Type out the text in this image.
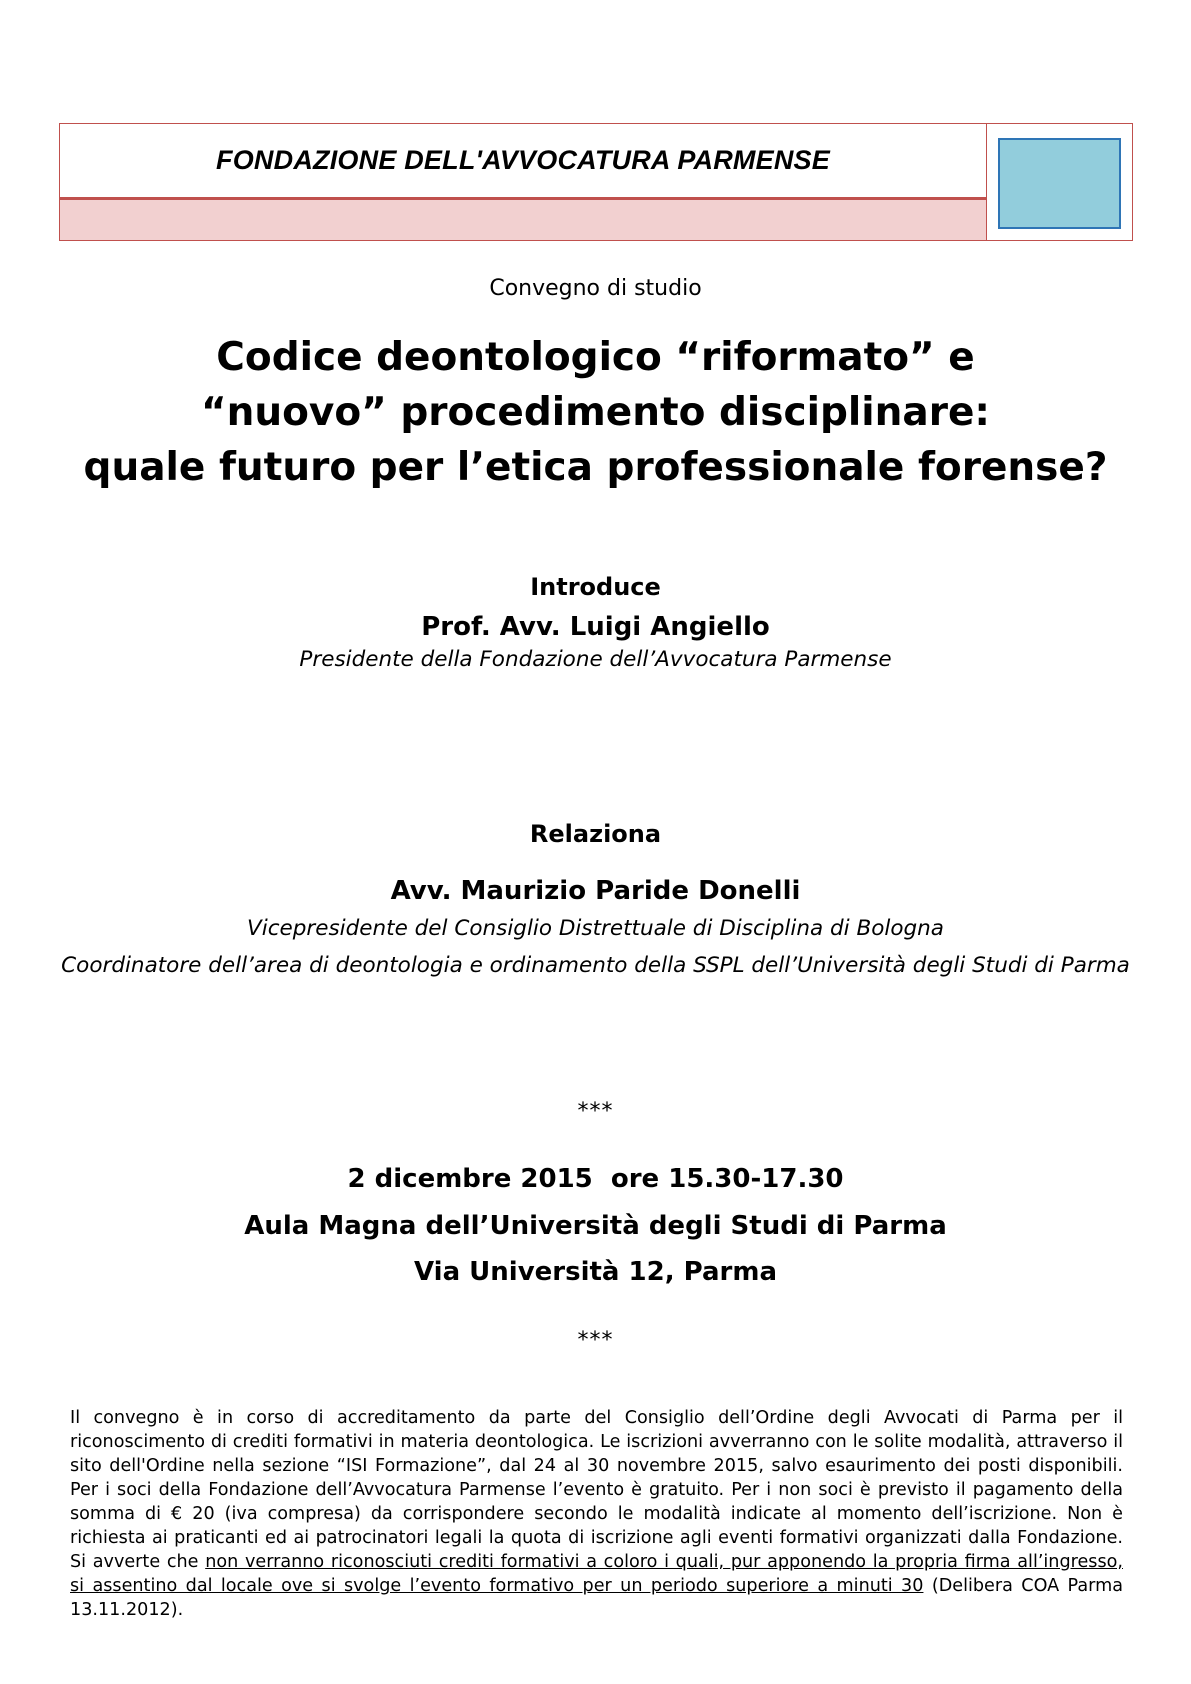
FONDAZIONE DELL'AVVOCATURA PARMENSE
Convegno di studio
Codice deontologico “riformato” e
“nuovo” procedimento disciplinare:
quale futuro per l’etica professionale forense?
Introduce
Prof. Avv. Luigi Angiello
Presidente della Fondazione dell’Avvocatura Parmense
Relaziona
Avv. Maurizio Paride Donelli
Vicepresidente del Consiglio Distrettuale di Disciplina di Bologna
Coordinatore dell’area di deontologia e ordinamento della SSPL dell’Università degli Studi di Parma
***
2 dicembre 2015  ore 15.30-17.30
Aula Magna dell’Università degli Studi di Parma
Via Università 12, Parma
***
Il convegno è in corso di accreditamento da parte del Consiglio dell’Ordine degli Avvocati di Parma per il riconoscimento di crediti formativi in materia deontologica. Le iscrizioni avverranno con le solite modalità, attraverso il sito dell'Ordine nella sezione “ISI Formazione”, dal 24 al 30 novembre 2015, salvo esaurimento dei posti disponibili. Per i soci della Fondazione dell’Avvocatura Parmense l’evento è gratuito. Per i non soci è previsto il pagamento della somma di € 20 (iva compresa) da corrispondere secondo le modalità indicate al momento dell’iscrizione. Non è richiesta ai praticanti ed ai patrocinatori legali la quota di iscrizione agli eventi formativi organizzati dalla Fondazione. Si avverte che non verranno riconosciuti crediti formativi a coloro i quali, pur apponendo la propria firma all’ingresso, si assentino dal locale ove si svolge l’evento formativo per un periodo superiore a minuti 30 (Delibera COA Parma 13.11.2012).
